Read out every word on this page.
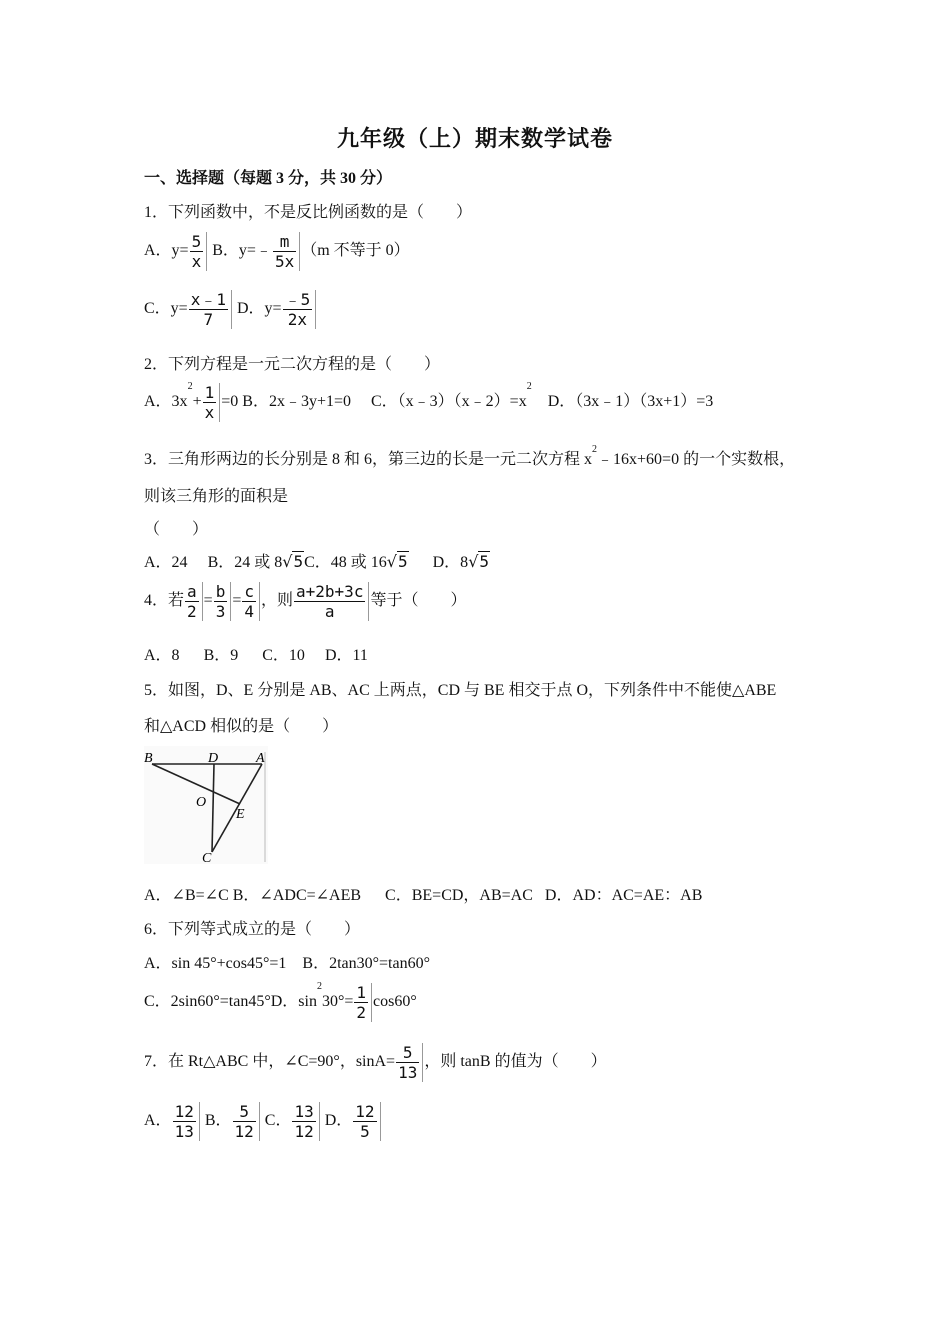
九年级（上）期末数学试卷
一、选择题（每题 3 分，共 30 分）
1．下列函数中，不是反比例函数的是（　　）
A．$y= \frac{5}{x}$ B．y=﹣ $\frac{m}{5x} (m$ 不等于 0）
C．$y= \frac{x﹣1}{7}$ D．$y= \frac{﹣5}{2x}$
2．下列方程是一元二次方程的是（　　）
A．$3x^2+ \frac{1}{x} =0$ B．2x﹣3y+1=0 C．$(x﹣3)(x﹣2)=x^2$    D．（3x﹣1）（3x+1）=3
3．三角形两边的长分别是 8 和 6，第三边的长是一元二次方程 $x^2﹣16x+60=0$ 的一个实数根，
则该三角形的面积是
（　　）
A．24 B．24 或 8√5C．48 或 16√5 D．8√5
4．若 $\frac{a}{2} = \frac{b}{3} = \frac{c}{4}$ ，则 $\frac{a+2b+3c}{a}$ 等于（　　）
A．8 B．9 C．10 D．11
5．如图，D、E 分别是 AB、AC 上两点，CD 与 BE 相交于点 O，下列条件中不能使△ABE
和△ACD 相似的是（　　）
B	D	A
O
E
C
A．∠B=∠C B．∠ADC=∠AEB C．BE=CD，AB=AC D．AD：AC=AE：AB
6．下列等式成立的是（　　）
A．sin 45°+cos45°=1 B．2tan30°=tan60°
C．2sin60°=tan45°D．$\sin^230^\circ= \frac{1}{2} \cos 60^\circ$
7．在 Rt△ABC 中，∠C=90°，$\sin A= \frac{5}{13}$ ，则 tanB 的值为（　　）
A． $\frac{12}{13}$ B． $\frac{5}{12}$ C． $\frac{13}{12}$ D． $\frac{12}{5}$
